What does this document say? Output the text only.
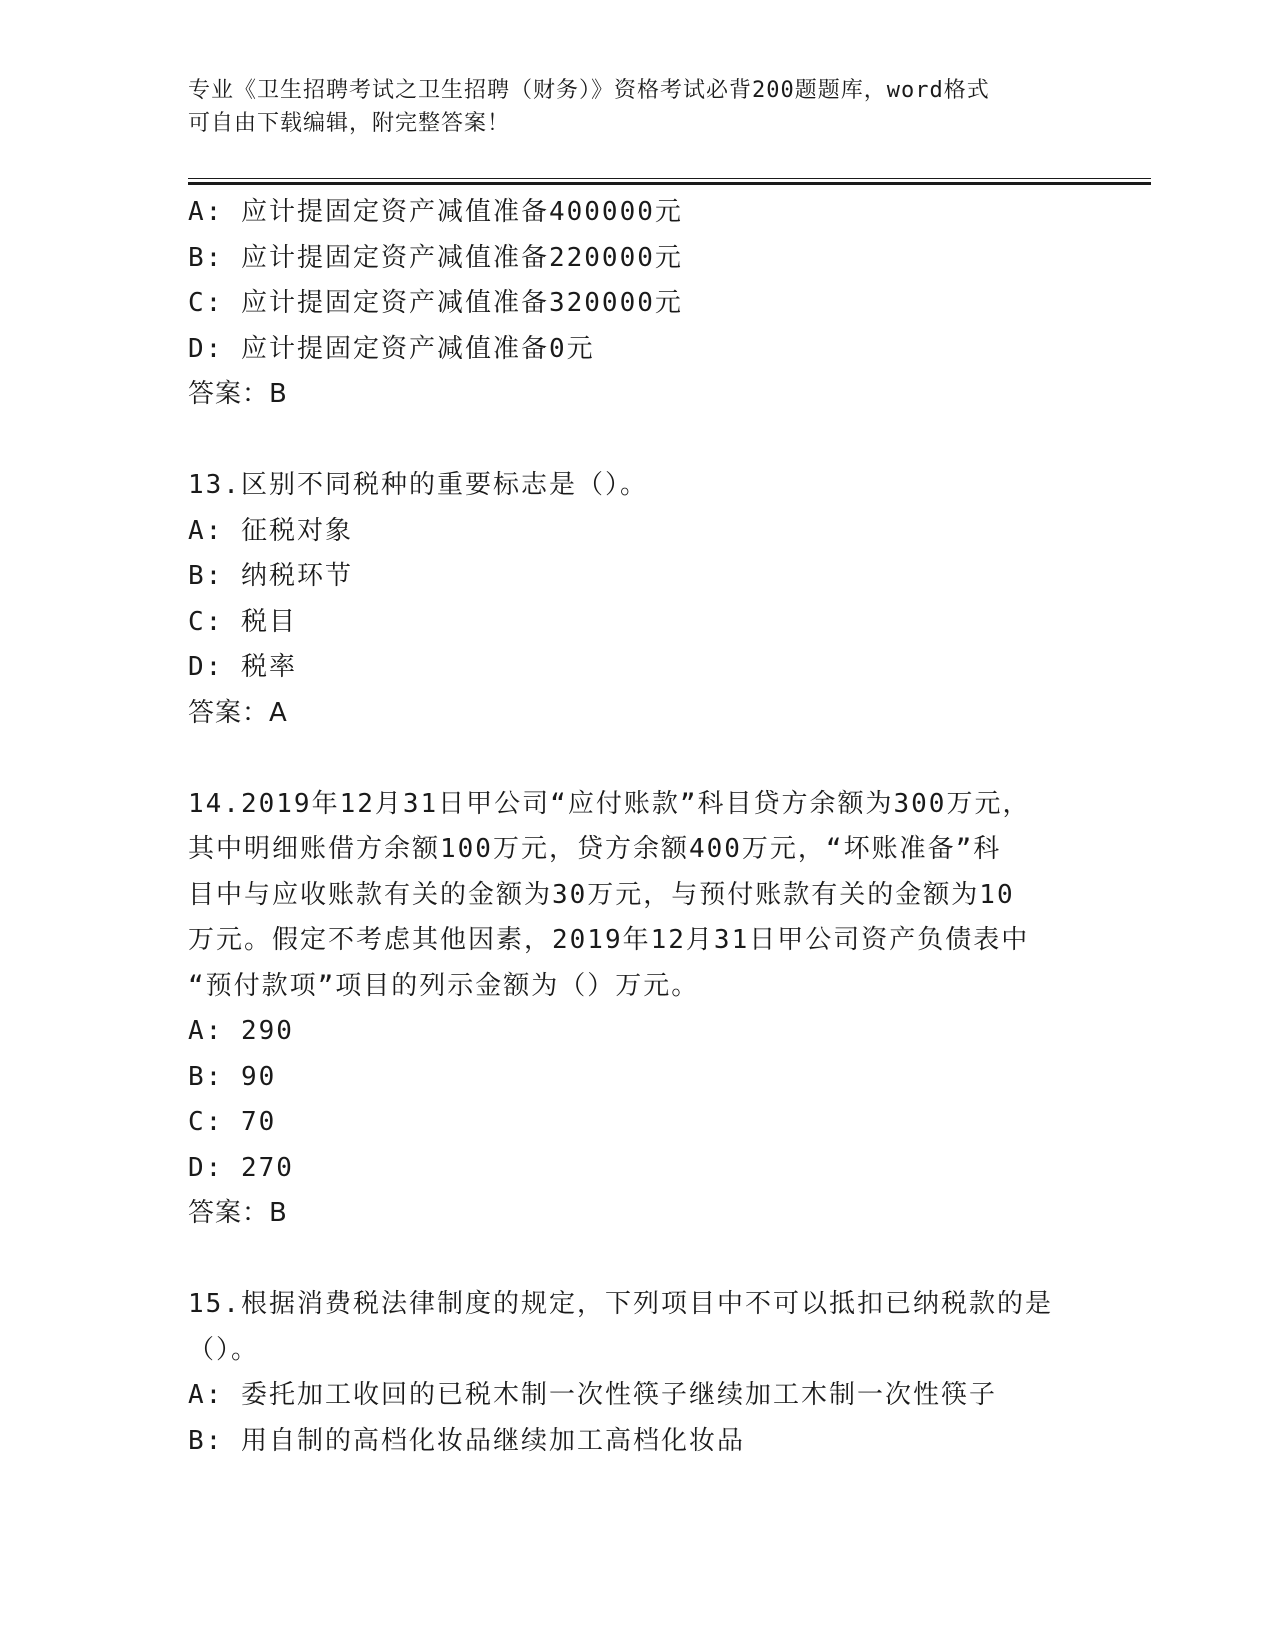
专业《卫生招聘考试之卫生招聘（财务）》资格考试必背200题题库，word格式
可自由下载编辑，附完整答案！
A: 应计提固定资产减值准备400000元
B: 应计提固定资产减值准备220000元
C: 应计提固定资产减值准备320000元
D: 应计提固定资产减值准备0元
答案：B
13.区别不同税种的重要标志是（）。
A: 征税对象
B: 纳税环节
C: 税目
D: 税率
答案：A
14.2019年12月31日甲公司“应付账款”科目贷方余额为300万元，
其中明细账借方余额100万元，贷方余额400万元，“坏账准备”科
目中与应收账款有关的金额为30万元，与预付账款有关的金额为10
万元。假定不考虑其他因素，2019年12月31日甲公司资产负债表中
“预付款项”项目的列示金额为（）万元。
A: 290
B: 90
C: 70
D: 270
答案：B
15.根据消费税法律制度的规定，下列项目中不可以抵扣已纳税款的是
（）。
A: 委托加工收回的已税木制一次性筷子继续加工木制一次性筷子
B: 用自制的高档化妆品继续加工高档化妆品
